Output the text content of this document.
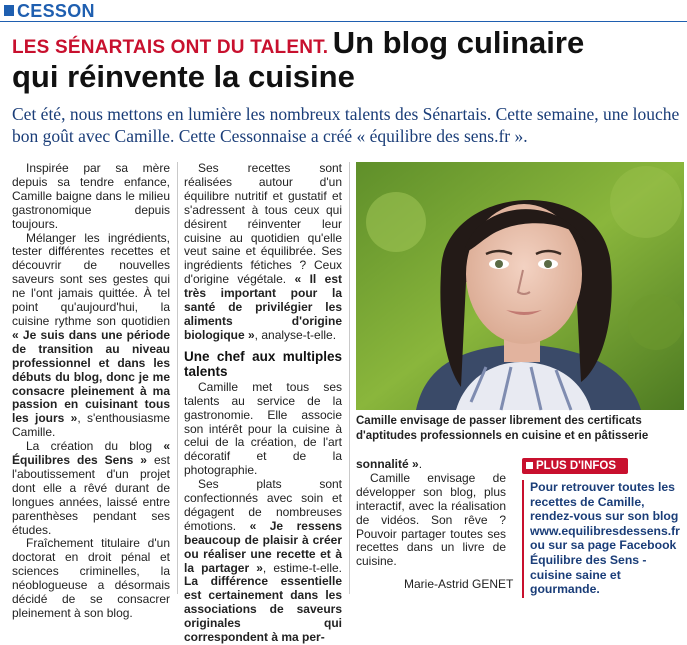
CESSON
LES SÉNARTAIS ONT DU TALENT. Un blog culinaire
qui réinvente la cuisine
Cet été, nous mettons en lumière les nombreux talents des Sénartais. Cette semaine, une louche bon goût avec Camille. Cette Cessonnaise a créé « équilibre des sens.fr ».

Inspirée par sa mère depuis sa tendre enfance, Camille baigne dans le milieu gastronomique depuis toujours.

Mélanger les ingrédients, tester différentes recettes et découvrir de nouvelles saveurs sont ses gestes qui ne l'ont jamais quittée. À tel point qu'aujourd'hui, la cuisine rythme son quotidien « Je suis dans une période de transition au niveau professionnel et dans les débuts du blog, donc je me consacre pleinement à ma passion en cuisinant tous les jours », s'enthousiasme Camille.

La création du blog « Équilibres des Sens » est l'aboutissement d'un projet dont elle a rêvé durant de longues années, laissé entre parenthèses pendant ses études.

Fraîchement titulaire d'un doctorat en droit pénal et sciences criminelles, la néoblogueuse a désormais décidé de se consacrer pleinement à son blog.

Ses recettes sont réalisées autour d'un équilibre nutritif et gustatif et s'adressent à tous ceux qui désirent réinventer leur cuisine au quotidien qu'elle veut saine et équilibrée. Ses ingrédients fétiches ? Ceux d'origine végétale. « Il est très important pour la santé de privilégier les aliments d'origine biologique », analyse-t-elle.

Une chef aux multiples talents

Camille met tous ses talents au service de la gastronomie. Elle associe son intérêt pour la cuisine à celui de la création, de l'art décoratif et de la photographie.

Ses plats sont confectionnés avec soin et dégagent de nombreuses émotions. « Je ressens beaucoup de plaisir à créer ou réaliser une recette et à la partager », estime-t-elle. La différence essentielle est certainement dans les associations de saveurs originales qui correspondent à ma per-

Camille envisage de passer librement des certificats d'aptitudes professionnels en cuisine et en pâtisserie

sonnalité ».

Camille envisage de développer son blog, plus interactif, avec la réalisation de vidéos. Son rêve ? Pouvoir partager toutes ses recettes dans un livre de cuisine.

Marie-Astrid GENET
PLUS D'INFOS

Pour retrouver toutes les recettes de Camille, rendez-vous sur son blog www.equilibresdessens.fr ou sur sa page Facebook Équilibre des Sens - cuisine saine et gourmande.
